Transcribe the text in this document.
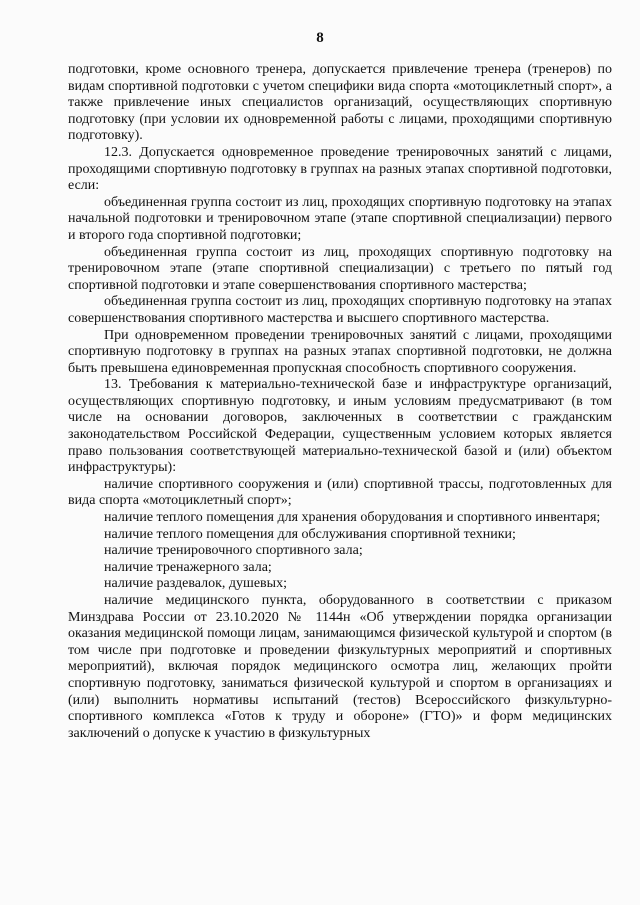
8

подготовки, кроме основного тренера, допускается привлечение тренера (тренеров) по видам спортивной подготовки с учетом специфики вида спорта «мотоциклетный спорт», а также привлечение иных специалистов организаций, осуществляющих спортивную подготовку (при условии их одновременной работы с лицами, проходящими спортивную подготовку).

12.3. Допускается одновременное проведение тренировочных занятий с лицами, проходящими спортивную подготовку в группах на разных этапах спортивной подготовки, если:

объединенная группа состоит из лиц, проходящих спортивную подготовку на этапах начальной подготовки и тренировочном этапе (этапе спортивной специализации) первого и второго года спортивной подготовки;

объединенная группа состоит из лиц, проходящих спортивную подготовку на тренировочном этапе (этапе спортивной специализации) с третьего по пятый год спортивной подготовки и этапе совершенствования спортивного мастерства;

объединенная группа состоит из лиц, проходящих спортивную подготовку на этапах совершенствования спортивного мастерства и высшего спортивного мастерства.

При одновременном проведении тренировочных занятий с лицами, проходящими спортивную подготовку в группах на разных этапах спортивной подготовки, не должна быть превышена единовременная пропускная способность спортивного сооружения.

13. Требования к материально-технической базе и инфраструктуре организаций, осуществляющих спортивную подготовку, и иным условиям предусматривают (в том числе на основании договоров, заключенных в соответствии с гражданским законодательством Российской Федерации, существенным условием которых является право пользования соответствующей материально-технической базой и (или) объектом инфраструктуры):

наличие спортивного сооружения и (или) спортивной трассы, подготовленных для вида спорта «мотоциклетный спорт»;

наличие теплого помещения для хранения оборудования и спортивного инвентаря;

наличие теплого помещения для обслуживания спортивной техники;

наличие тренировочного спортивного зала;

наличие тренажерного зала;

наличие раздевалок, душевых;

наличие медицинского пункта, оборудованного в соответствии с приказом Минздрава России от 23.10.2020 № 1144н «Об утверждении порядка организации оказания медицинской помощи лицам, занимающимся физической культурой и спортом (в том числе при подготовке и проведении физкультурных мероприятий и спортивных мероприятий), включая порядок медицинского осмотра лиц, желающих пройти спортивную подготовку, заниматься физической культурой и спортом в организациях и (или) выполнить нормативы испытаний (тестов) Всероссийского физкультурно-спортивного комплекса «Готов к труду и обороне» (ГТО)» и форм медицинских заключений о допуске к участию в физкультурных
